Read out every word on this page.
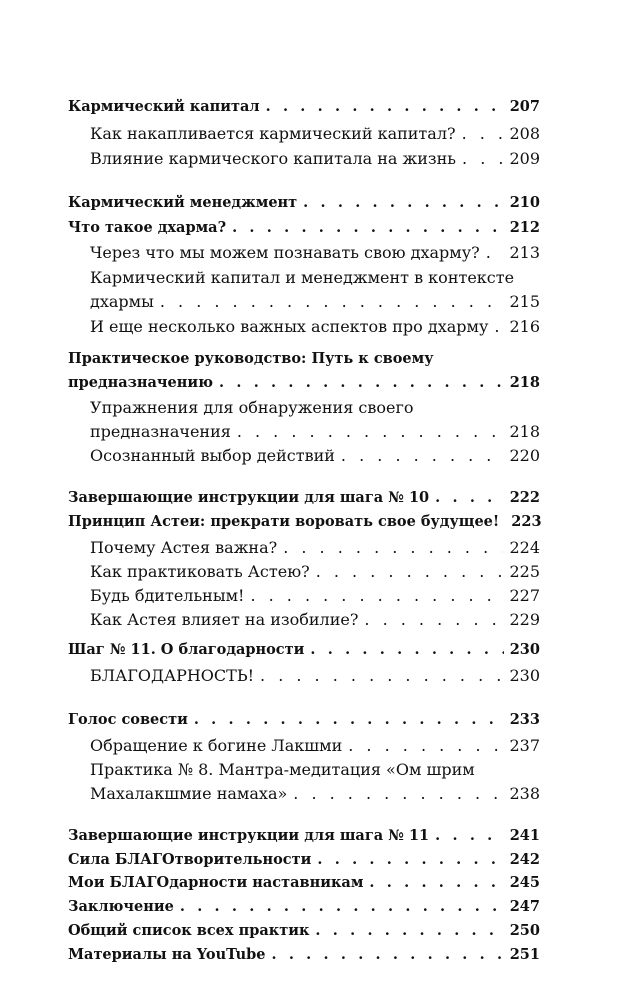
Кармический капитал . . .	207
Как накапливается кармический капитал? . . .	208
Влияние кармического капитала на жизнь . . .	209
Кармический менеджмент . . .	210
Что такое дхарма? . . .	212
Через что мы можем познавать свою дхарму? . . . 213
Кармический капитал и менеджмент в контексте
дхармы . . .	215
И еще несколько важных аспектов про дхарму . . . 216
Практическое руководство: Путь к своему
предназначению . . .	218
Упражнения для обнаружения своего
предназначения . . .	218
Осознанный выбор действий . . .	220
Завершающие инструкции для шага № 10 . . .	222
Принцип Астеи: прекрати воровать свое будущее! 223
Почему Астея важна? . . .	224
Как практиковать Астею? . . .	225
Будь бдительным! . . .	227
Как Астея влияет на изобилие? . . .	229
Шаг № 11. О благодарности . . .	230
БЛАГОДАРНОСТЬ! . . .	230
Голос совести . . .	233
Обращение к богине Лакшми . . .	237
Практика № 8. Мантра-медитация «Ом шрим
Махалакшмие намаха» . . .	238
Завершающие инструкции для шага № 11 . . .	241
Сила БЛАГОтворительности . . .	242
Мои БЛАГОдарности наставникам . . .	245
Заключение . . .	247
Общий список всех практик . . .	250
Материалы на YouTube . . .	251
